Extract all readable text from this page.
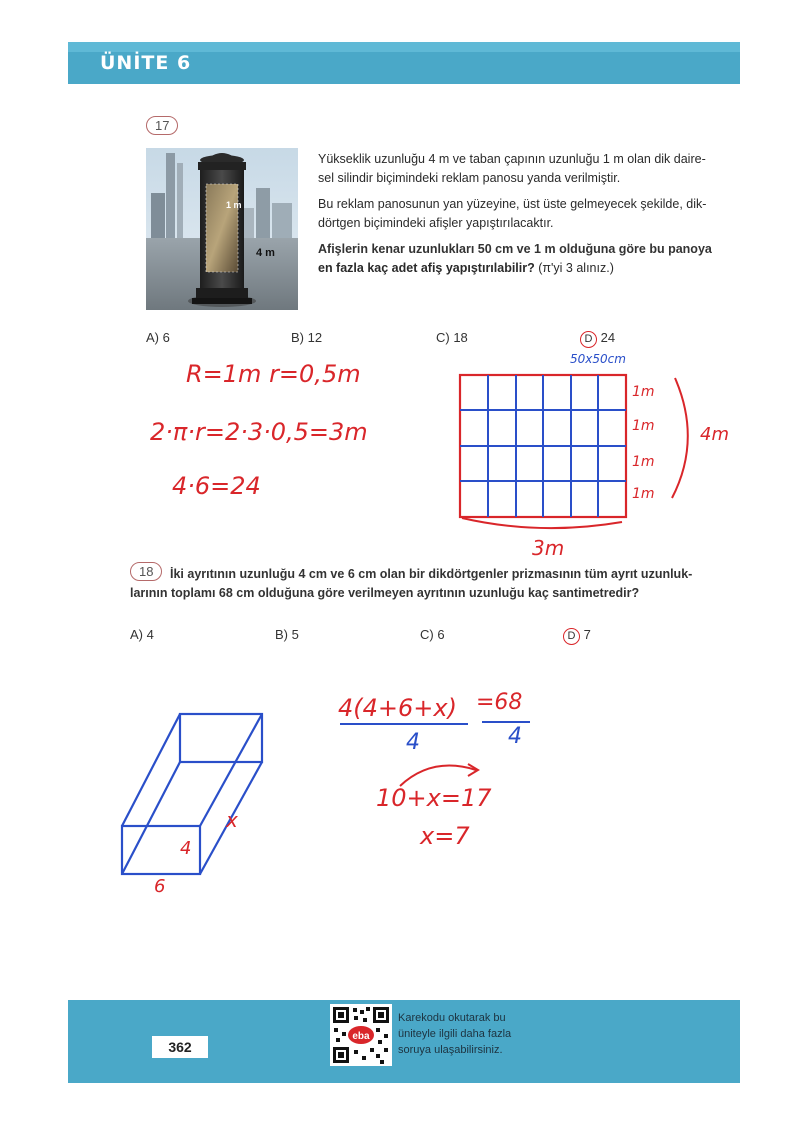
ÜNİTE 6
17
1 m
4 m
Yükseklik uzunluğu 4 m ve taban çapının uzunluğu 1 m olan dik daire-
sel silindir biçimindeki reklam panosu yanda verilmiştir.
Bu reklam panosunun yan yüzeyine, üst üste gelmeyecek şekilde, dik-
dörtgen biçimindeki afişler yapıştırılacaktır.
Afişlerin kenar uzunlukları 50 cm ve 1 m olduğuna göre bu panoya
en fazla kaç adet afiş yapıştırılabilir? (π'yi 3 alınız.)
A) 6	B) 12	C) 18	D 24
R=1m r=0,5m
2·π·r=2·3·0,5=3m
4·6=24
50x50cm
1m
1m
1m
1m
4m
3m
18	İki ayrıtının uzunluğu 4 cm ve 6 cm olan bir dikdörtgenler prizmasının tüm ayrıt uzunluk-
larının toplamı 68 cm olduğuna göre verilmeyen ayrıtının uzunluğu kaç santimetredir?
A) 4	B) 5	C) 6	D 7
x
4
6
4(4+6+x) =68
4	4
10+x=17
x=7
362
eba
Karekodu okutarak bu
üniteyle ilgili daha fazla
soruya ulaşabilirsiniz.
